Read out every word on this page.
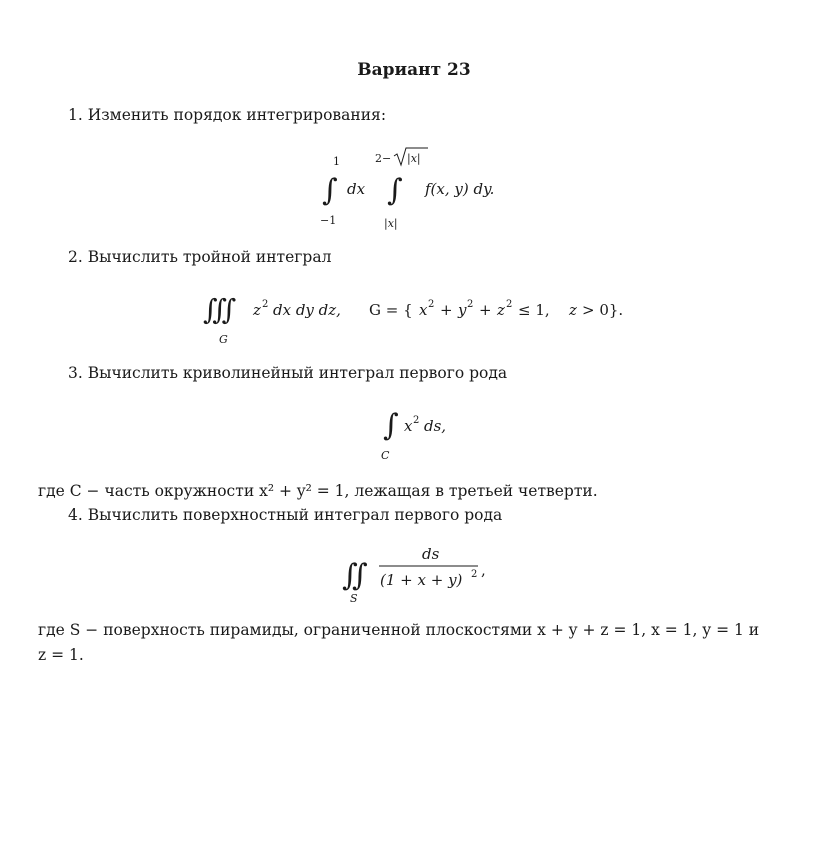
Вариант 23
1. Изменить порядок интегрирования:
∫
1
−1
dx ∫
2− |x|
|x|
f(x, y) dy.
2. Вычислить тройной интеграл
∭
G
z 2 dx dy dz, G = { x 2 + y 2 + z 2 ≤ 1, z > 0}.
3. Вычислить криволинейный интеграл первого рода
∫
C
x 2 ds,
где C − часть окружности x² + y² = 1, лежащая в третьей четверти.
4. Вычислить поверхностный интеграл первого рода
∬
S
ds
(1 + x + y) 2 ,
где S − поверхность пирамиды, ограниченной плоскостями x + y + z = 1, x = 1, y = 1 и
z = 1.
